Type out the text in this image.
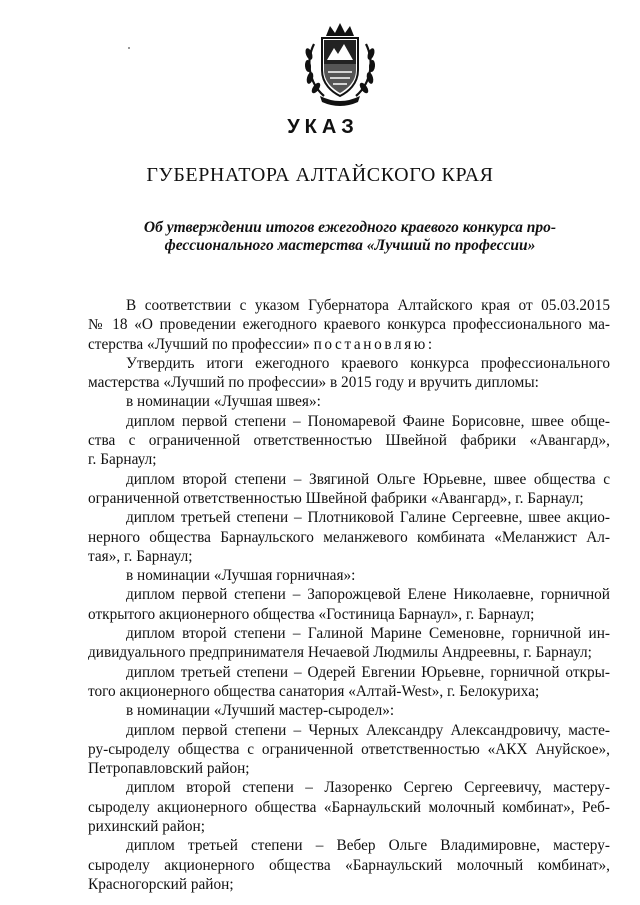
УКАЗ
ГУБЕРНАТОРА АЛТАЙСКОГО КРАЯ
Об утверждении итогов ежегодного краевого конкурса про-
фессионального мастерства «Лучший по профессии»
В соответствии с указом Губернатора Алтайского края от 05.03.2015
№ 18 «О проведении ежегодного краевого конкурса профессионального ма-
стерства «Лучший по профессии» постановляю:
Утвердить итоги ежегодного краевого конкурса профессионального
мастерства «Лучший по профессии» в 2015 году и вручить дипломы:
в номинации «Лучшая швея»:
диплом первой степени – Пономаревой Фаине Борисовне, швее обще-
ства с ограниченной ответственностью Швейной фабрики «Авангард»,
г. Барнаул;
диплом второй степени – Звягиной Ольге Юрьевне, швее общества с
ограниченной ответственностью Швейной фабрики «Авангард», г. Барнаул;
диплом третьей степени – Плотниковой Галине Сергеевне, швее акцио-
нерного общества Барнаульского меланжевого комбината «Меланжист Ал-
тая», г. Барнаул;
в номинации «Лучшая горничная»:
диплом первой степени – Запорожцевой Елене Николаевне, горничной
открытого акционерного общества «Гостиница Барнаул», г. Барнаул;
диплом второй степени – Галиной Марине Семеновне, горничной ин-
дивидуального предпринимателя Нечаевой Людмилы Андреевны, г. Барнаул;
диплом третьей степени – Одерей Евгении Юрьевне, горничной откры-
того акционерного общества санатория «Алтай-West», г. Белокуриха;
в номинации «Лучший мастер-сыродел»:
диплом первой степени – Черных Александру Александровичу, масте-
ру-сыроделу общества с ограниченной ответственностью «АКХ Ануйское»,
Петропавловский район;
диплом второй степени – Лазоренко Сергею Сергеевичу, мастеру-
сыроделу акционерного общества «Барнаульский молочный комбинат», Реб-
рихинский район;
диплом третьей степени – Вебер Ольге Владимировне, мастеру-
сыроделу акционерного общества «Барнаульский молочный комбинат»,
Красногорский район;
